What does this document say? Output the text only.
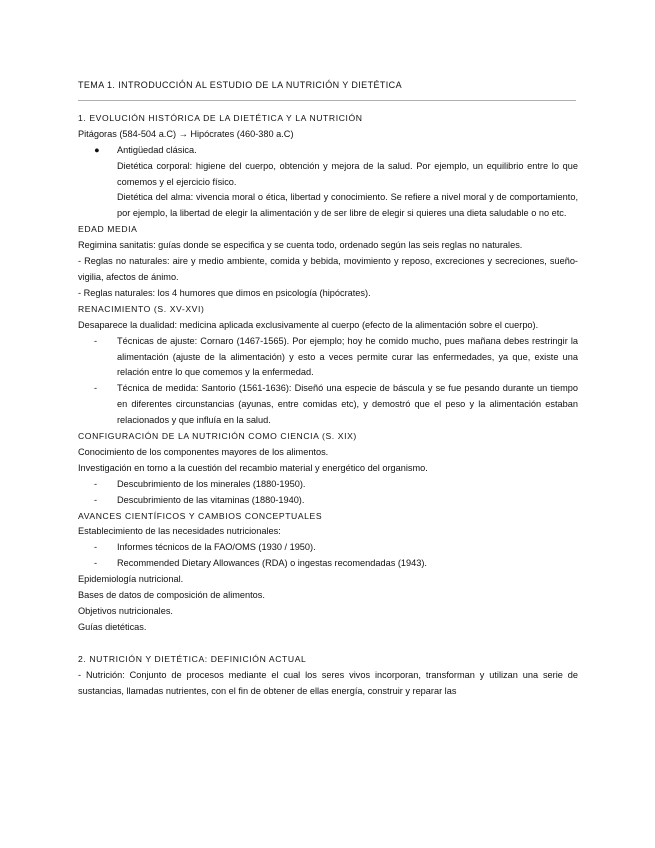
TEMA 1. INTRODUCCIÓN AL ESTUDIO DE LA NUTRICIÓN Y DIETÉTICA

1. EVOLUCIÓN HISTÓRICA DE LA DIETÉTICA Y LA NUTRICIÓN

Pitágoras (584-504 a.C) → Hipócrates (460-380 a.C)

● Antigüedad clásica.

Dietética corporal: higiene del cuerpo, obtención y mejora de la salud. Por ejemplo, un equilibrio entre lo que comemos y el ejercicio físico.

Dietética del alma: vivencia moral o ética, libertad y conocimiento. Se refiere a nivel moral y de comportamiento, por ejemplo, la libertad de elegir la alimentación y de ser libre de elegir si quieres una dieta saludable o no etc.

EDAD MEDIA

Regimina sanitatis: guías donde se especifica y se cuenta todo, ordenado según las seis reglas no naturales.

- Reglas no naturales: aire y medio ambiente, comida y bebida, movimiento y reposo, excreciones y secreciones, sueño-vigilia, afectos de ánimo.

- Reglas naturales: los 4 humores que dimos en psicología (hipócrates).

RENACIMIENTO (S. XV-XVI)

Desaparece la dualidad: medicina aplicada exclusivamente al cuerpo (efecto de la alimentación sobre el cuerpo).

- Técnicas de ajuste: Cornaro (1467-1565). Por ejemplo; hoy he comido mucho, pues mañana debes restringir la alimentación (ajuste de la alimentación) y esto a veces permite curar las enfermedades, ya que, existe una relación entre lo que comemos y la enfermedad.

- Técnica de medida: Santorio (1561-1636): Diseñó una especie de báscula y se fue pesando durante un tiempo en diferentes circunstancias (ayunas, entre comidas etc), y demostró que el peso y la alimentación estaban relacionados y que influía en la salud.

CONFIGURACIÓN DE LA NUTRICIÓN COMO CIENCIA (S. XIX)

Conocimiento de los componentes mayores de los alimentos.

Investigación en torno a la cuestión del recambio material y energético del organismo.

- Descubrimiento de los minerales (1880-1950).

- Descubrimiento de las vitaminas (1880-1940).

AVANCES CIENTÍFICOS Y CAMBIOS CONCEPTUALES

Establecimiento de las necesidades nutricionales:

- Informes técnicos de la FAO/OMS (1930 / 1950).

- Recommended Dietary Allowances (RDA) o ingestas recomendadas (1943).

Epidemiología nutricional.

Bases de datos de composición de alimentos.

Objetivos nutricionales.

Guías dietéticas.

2. NUTRICIÓN Y DIETÉTICA: DEFINICIÓN ACTUAL

- Nutrición: Conjunto de procesos mediante el cual los seres vivos incorporan, transforman y utilizan una serie de sustancias, llamadas nutrientes, con el fin de obtener de ellas energía, construir y reparar las
